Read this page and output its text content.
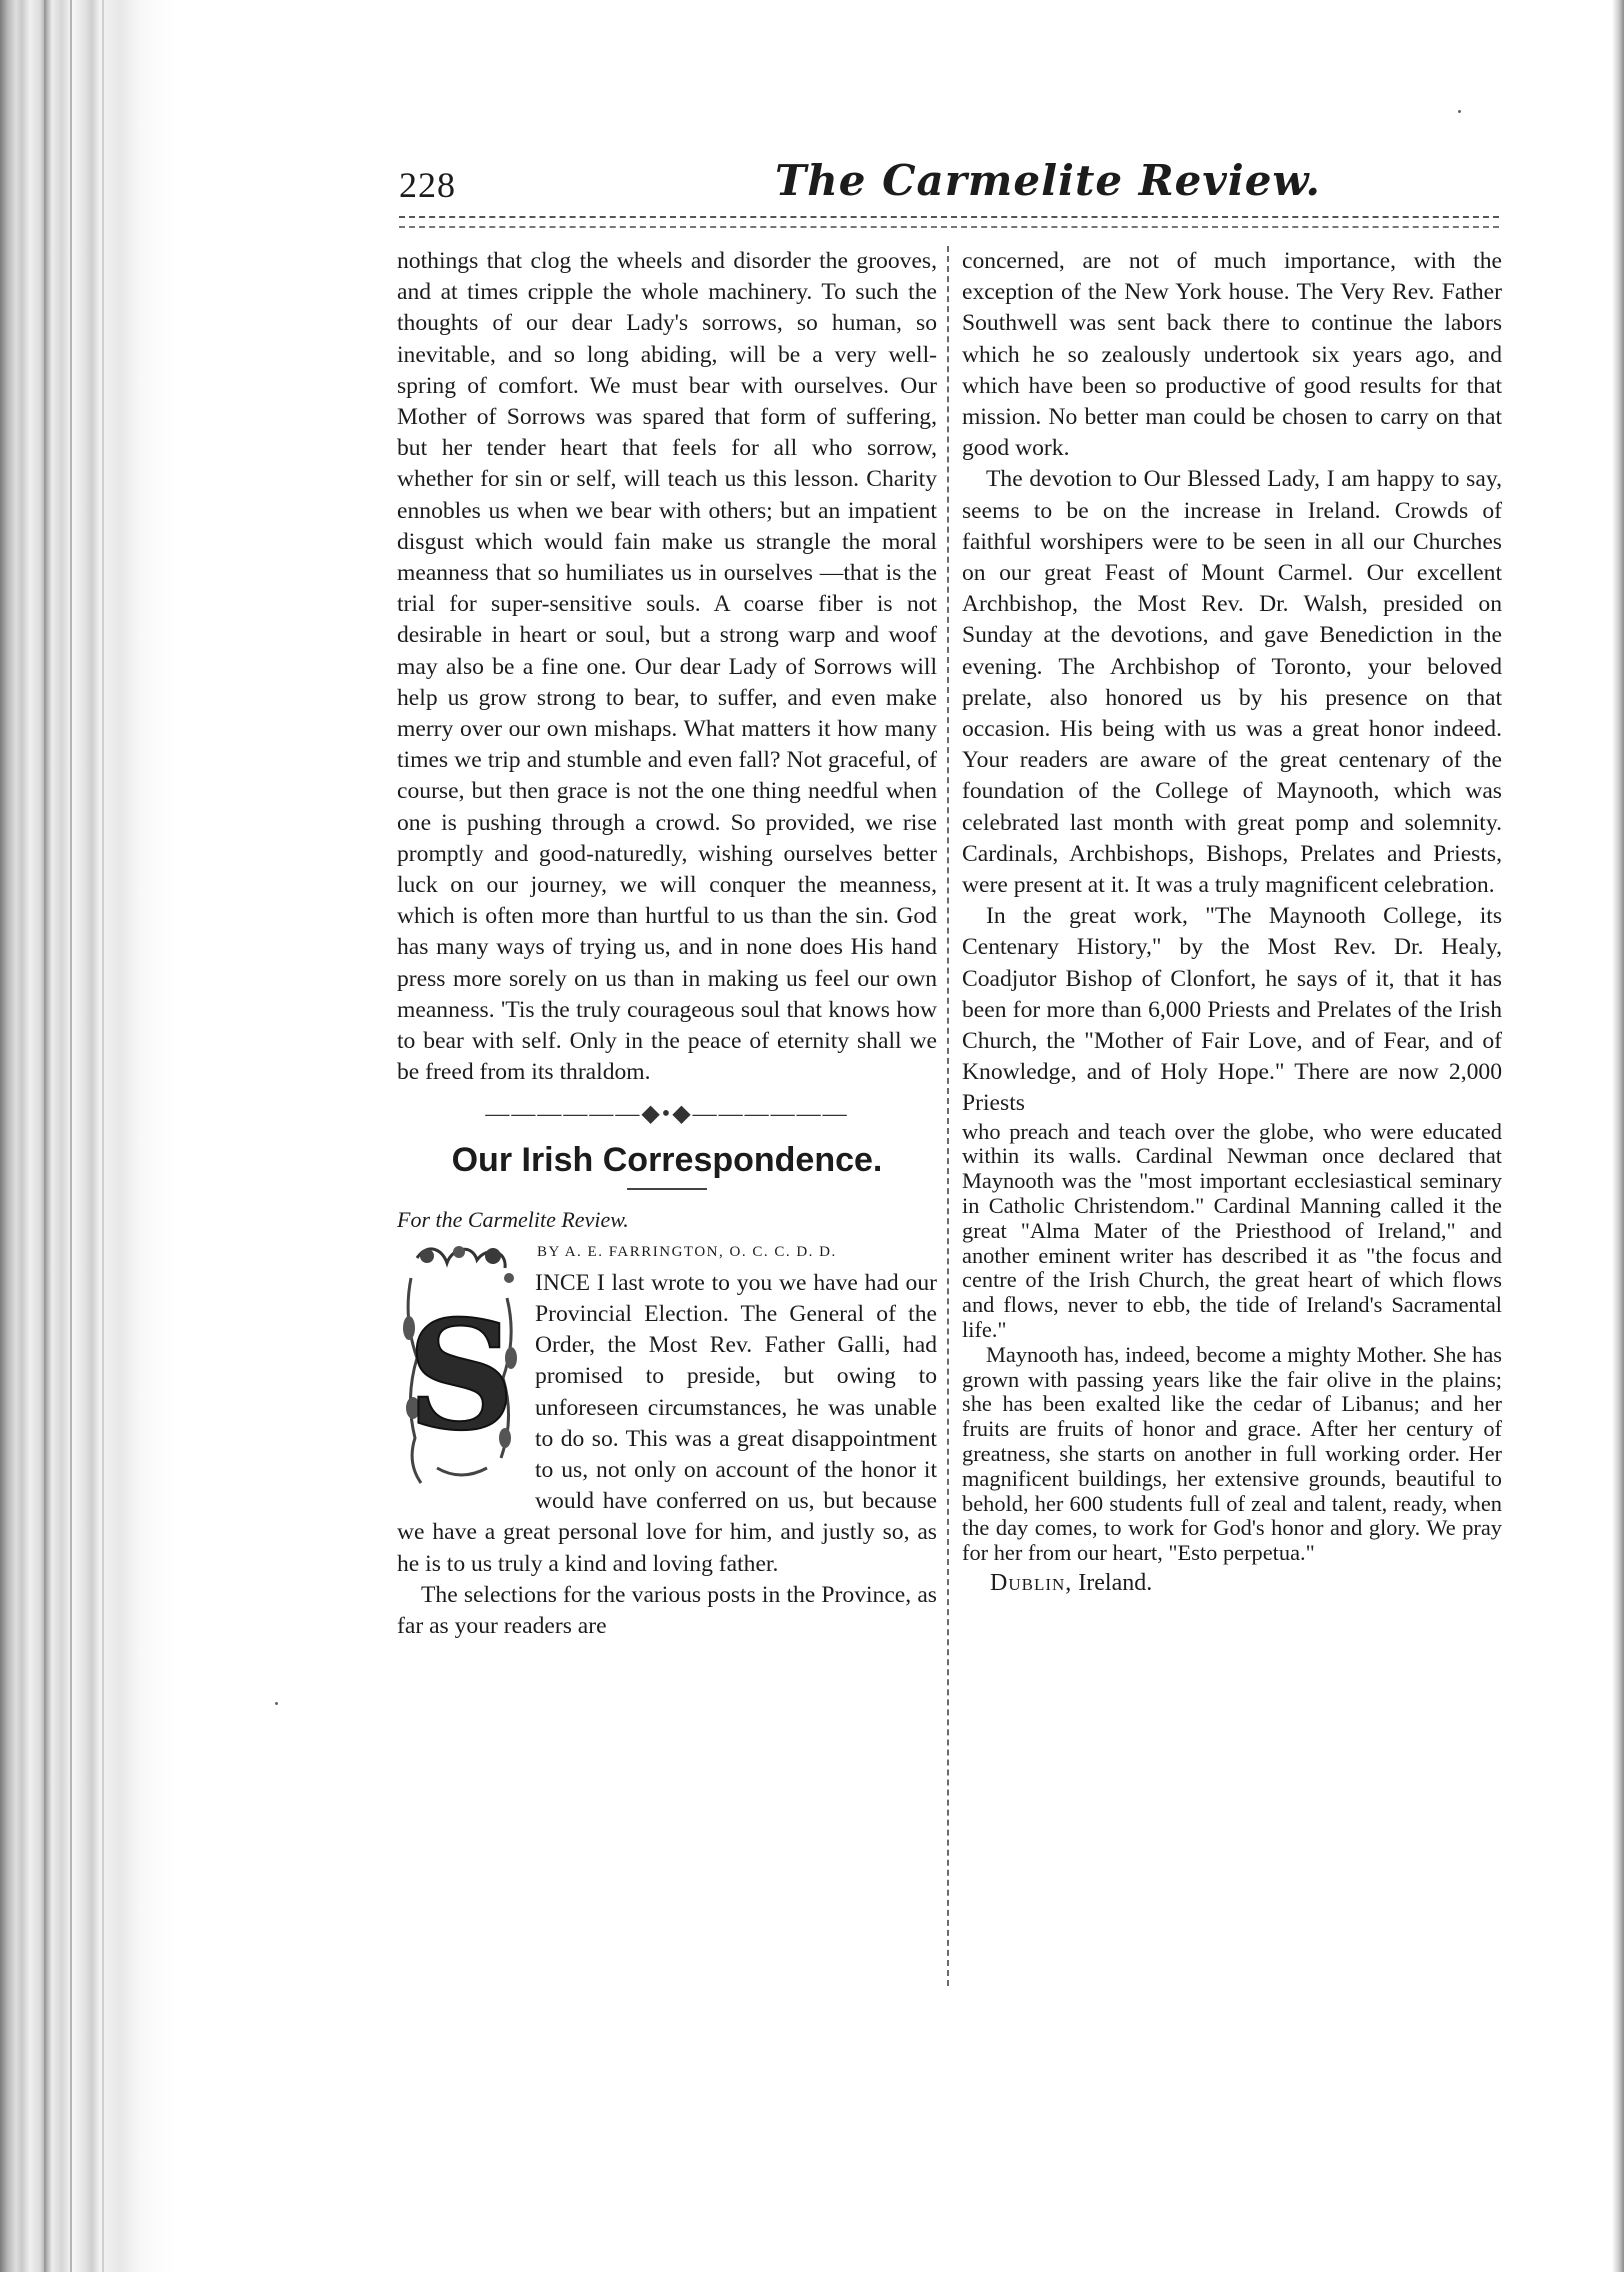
228	The Carmelite Review.

nothings that clog the wheels and disorder the grooves, and at times cripple the whole machinery. To such the thoughts of our dear Lady's sorrows, so human, so inevitable, and so long abiding, will be a very well-spring of comfort. We must bear with ourselves. Our Mother of Sorrows was spared that form of suffering, but her tender heart that feels for all who sorrow, whether for sin or self, will teach us this lesson. Charity ennobles us when we bear with others; but an impatient disgust which would fain make us strangle the moral meanness that so humiliates us in ourselves —that is the trial for super-sensitive souls. A coarse fiber is not desirable in heart or soul, but a strong warp and woof may also be a fine one. Our dear Lady of Sorrows will help us grow strong to bear, to suffer, and even make merry over our own mishaps. What matters it how many times we trip and stumble and even fall? Not graceful, of course, but then grace is not the one thing needful when one is pushing through a crowd. So provided, we rise promptly and good-naturedly, wishing ourselves better luck on our journey, we will conquer the meanness, which is often more than hurtful to us than the sin. God has many ways of trying us, and in none does His hand press more sorely on us than in making us feel our own meanness. 'Tis the truly courageous soul that knows how to bear with self. Only in the peace of eternity shall we be freed from its thraldom.

——————◆•◆——————
Our Irish Correspondence.
For the Carmelite Review.
BY A. E. FARRINGTON, O. C. C. D. D.

S
INCE I last wrote to you we have had our Provincial Election. The General of the Order, the Most Rev. Father Galli, had promised to preside, but owing to unforeseen circumstances, he was unable to do so. This was a great disappointment to us, not only on account of the honor it would have conferred on us, but because we have a great personal love for him, and justly so, as he is to us truly a kind and loving father.

The selections for the various posts in the Province, as far as your readers are

concerned, are not of much importance, with the exception of the New York house. The Very Rev. Father Southwell was sent back there to continue the labors which he so zealously undertook six years ago, and which have been so productive of good results for that mission. No better man could be chosen to carry on that good work.

The devotion to Our Blessed Lady, I am happy to say, seems to be on the increase in Ireland. Crowds of faithful worshipers were to be seen in all our Churches on our great Feast of Mount Carmel. Our excellent Archbishop, the Most Rev. Dr. Walsh, presided on Sunday at the devotions, and gave Benediction in the evening. The Archbishop of Toronto, your beloved prelate, also honored us by his presence on that occasion. His being with us was a great honor indeed. Your readers are aware of the great centenary of the foundation of the College of Maynooth, which was celebrated last month with great pomp and solemnity. Cardinals, Archbishops, Bishops, Prelates and Priests, were present at it. It was a truly magnificent celebration.

In the great work, "The Maynooth College, its Centenary History," by the Most Rev. Dr. Healy, Coadjutor Bishop of Clonfort, he says of it, that it has been for more than 6,000 Priests and Prelates of the Irish Church, the "Mother of Fair Love, and of Fear, and of Knowledge, and of Holy Hope." There are now 2,000 Priests

who preach and teach over the globe, who were educated within its walls. Cardinal Newman once declared that Maynooth was the "most important ecclesiastical seminary in Catholic Christendom." Cardinal Manning called it the great "Alma Mater of the Priesthood of Ireland," and another eminent writer has described it as "the focus and centre of the Irish Church, the great heart of which flows and flows, never to ebb, the tide of Ireland's Sacramental life."

Maynooth has, indeed, become a mighty Mother. She has grown with passing years like the fair olive in the plains; she has been exalted like the cedar of Libanus; and her fruits are fruits of honor and grace. After her century of greatness, she starts on another in full working order. Her magnificent buildings, her extensive grounds, beautiful to behold, her 600 students full of zeal and talent, ready, when the day comes, to work for God's honor and glory. We pray for her from our heart, "Esto perpetua."

Dublin, Ireland.
